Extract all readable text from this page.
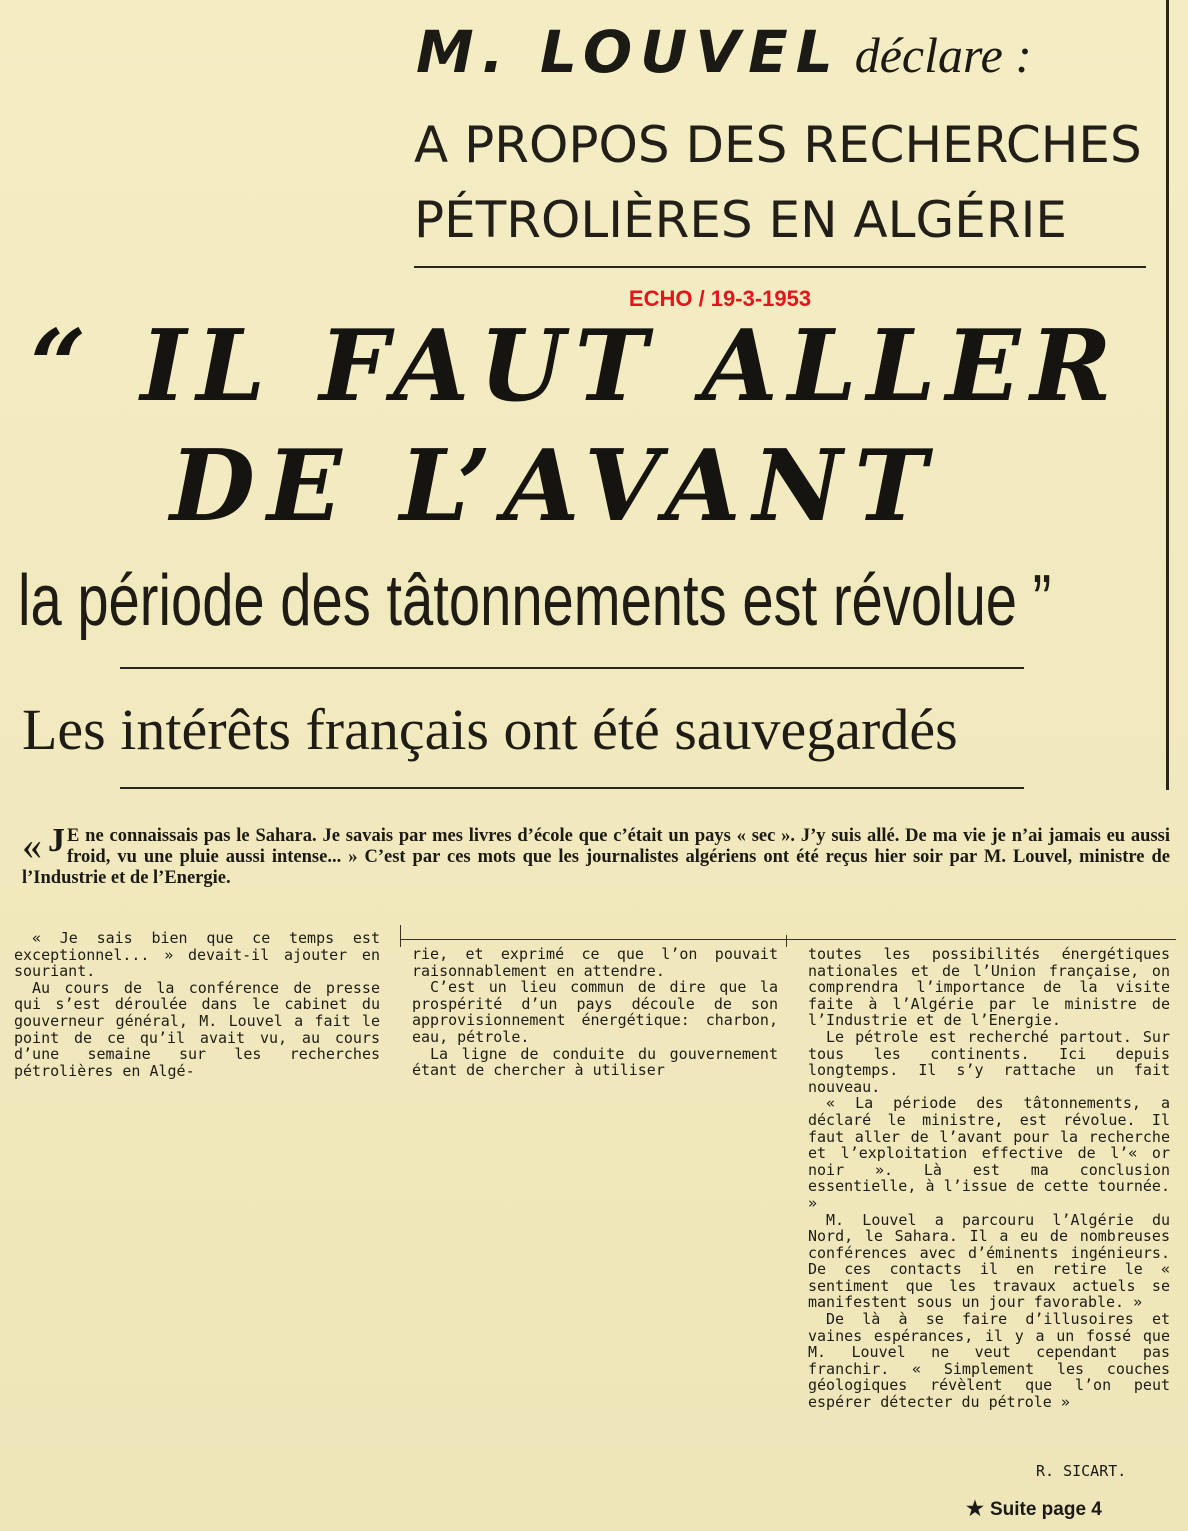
M. LOUVEL déclare :
A PROPOS DES RECHERCHES
PÉTROLIÈRES EN ALGÉRIE
ECHO / 19-3-1953
“ IL FAUT ALLER
DE L’AVANT
la période des tâtonnements est révolue ”
Les intérêts français ont été sauvegardés
« J E ne connaissais pas le Sahara. Je savais par mes livres d’école que c’était un pays « sec ». J’y suis allé. De ma vie je n’ai jamais eu aussi froid, vu une pluie aussi intense... » C’est par ces mots que les journalistes algériens ont été reçus hier soir par M. Louvel, ministre de l’Industrie et de l’Energie.

« Je sais bien que ce temps est exceptionnel... » devait-il ajouter en souriant.

Au cours de la conférence de presse qui s’est déroulée dans le cabinet du gouverneur général, M. Louvel a fait le point de ce qu’il avait vu, au cours d’une semaine sur les recherches pétrolières en Algé-

rie, et exprimé ce que l’on pouvait raisonnablement en attendre.

C’est un lieu commun de dire que la prospérité d’un pays découle de son approvisionnement énergétique: charbon, eau, pétrole.

La ligne de conduite du gouvernement étant de chercher à utiliser

toutes les possibilités énergétiques nationales et de l’Union française, on comprendra l’importance de la visite faite à l’Algérie par le ministre de l’Industrie et de l’Energie.

Le pétrole est recherché partout. Sur tous les continents. Ici depuis longtemps. Il s’y rattache un fait nouveau.

« La période des tâtonnements, a déclaré le ministre, est révolue. Il faut aller de l’avant pour la recherche et l’exploitation effective de l’« or noir ». Là est ma conclusion essentielle, à l’issue de cette tournée. »

M. Louvel a parcouru l’Algérie du Nord, le Sahara. Il a eu de nombreuses conférences avec d’éminents ingénieurs. De ces contacts il en retire le « sentiment que les travaux actuels se manifestent sous un jour favorable. »

De là à se faire d’illusoires et vaines espérances, il y a un fossé que M. Louvel ne veut cependant pas franchir. « Simplement les couches géologiques révèlent que l’on peut espérer détecter du pétrole »

R. SICART.
★ Suite page 4
